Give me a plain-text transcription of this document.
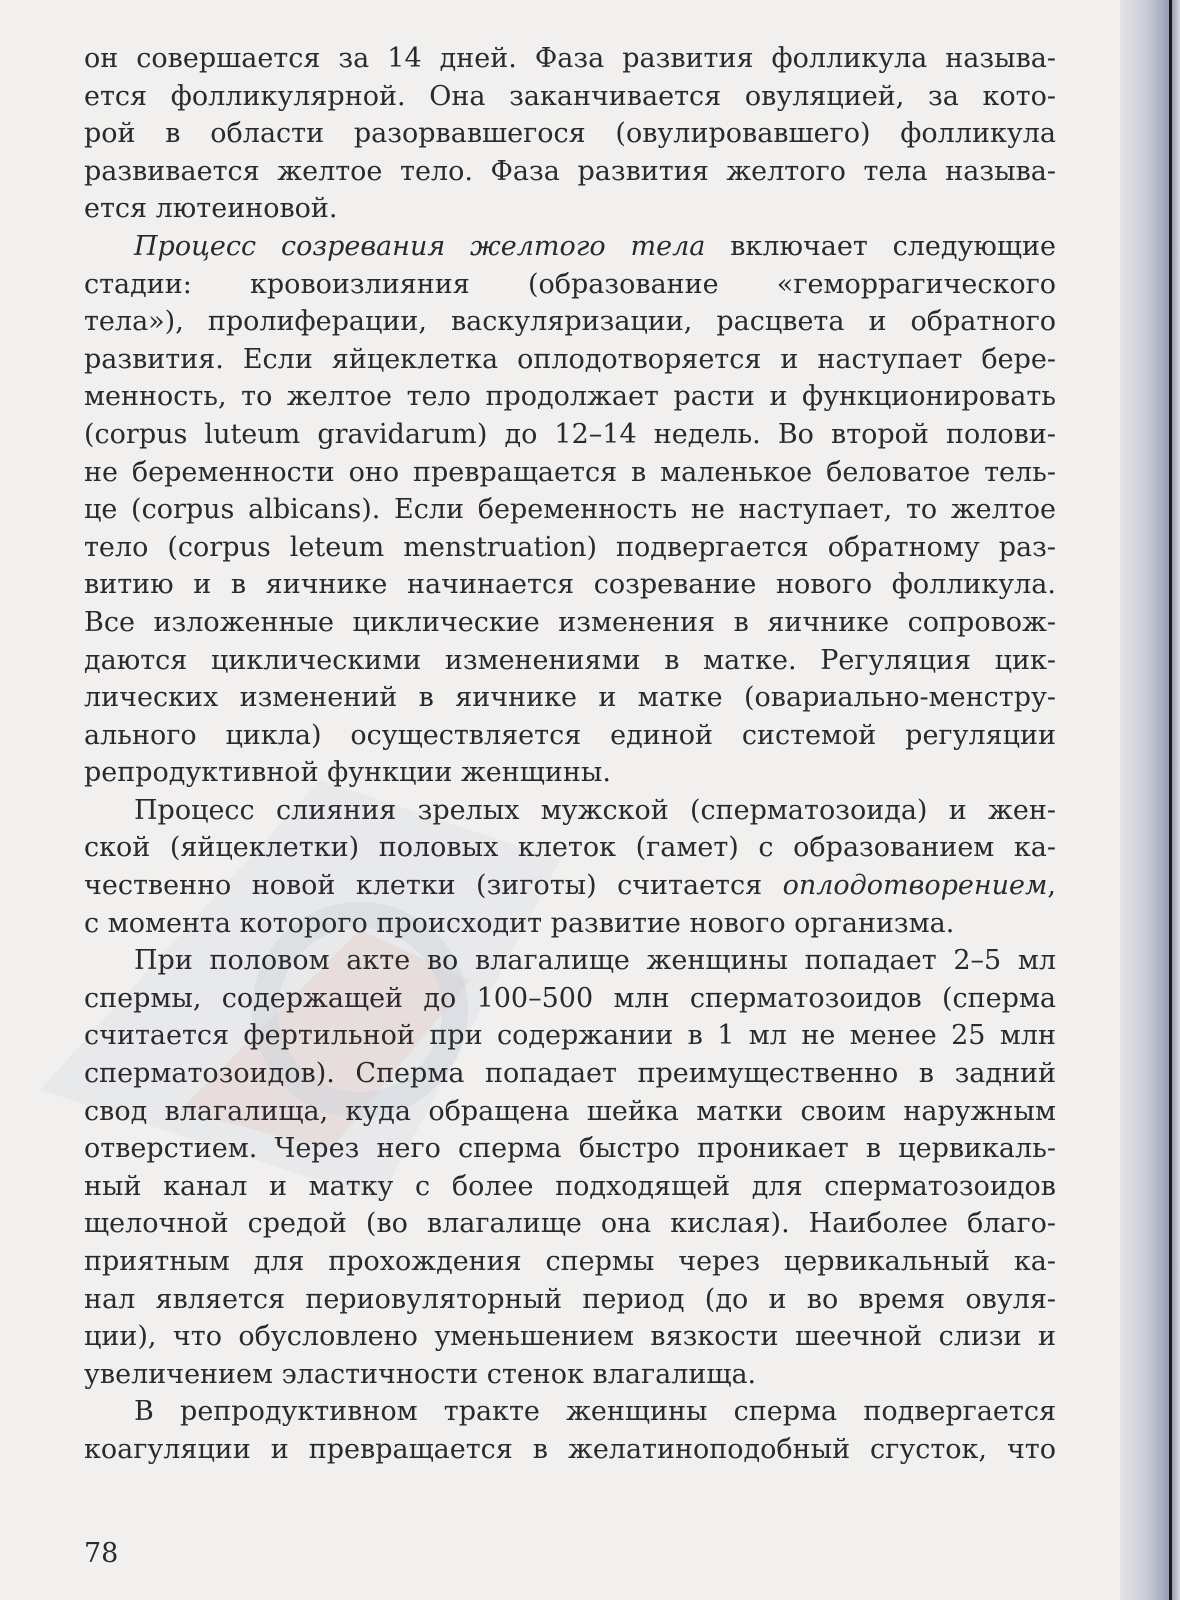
он совершается за 14 дней. Фаза развития фолликула называ-
ется фолликулярной. Она заканчивается овуляцией, за кото-
рой в области разорвавшегося (овулировавшего) фолликула
развивается желтое тело. Фаза развития желтого тела называ-
ется лютеиновой.

Процесс созревания желтого тела включает следующие
стадии: кровоизлияния (образование «геморрагического
тела»), пролиферации, васкуляризации, расцвета и обратного
развития. Если яйцеклетка оплодотворяется и наступает бере-
менность, то желтое тело продолжает расти и функционировать
(corpus luteum gravidarum) до 12–14 недель. Во второй полови-
не беременности оно превращается в маленькое беловатое тель-
це (corpus albicans). Если беременность не наступает, то желтое
тело (corpus leteum menstruation) подвергается обратному раз-
витию и в яичнике начинается созревание нового фолликула.
Все изложенные циклические изменения в яичнике сопровож-
даются циклическими изменениями в матке. Регуляция цик-
лических изменений в яичнике и матке (овариально-менстру-
ального цикла) осуществляется единой системой регуляции
репродуктивной функции женщины.

Процесс слияния зрелых мужской (сперматозоида) и жен-
ской (яйцеклетки) половых клеток (гамет) с образованием ка-
чественно новой клетки (зиготы) считается оплодотворением,
с момента которого происходит развитие нового организма.

При половом акте во влагалище женщины попадает 2–5 мл
спермы, содержащей до 100–500 млн сперматозоидов (сперма
считается фертильной при содержании в 1 мл не менее 25 млн
сперматозоидов). Сперма попадает преимущественно в задний
свод влагалища, куда обращена шейка матки своим наружным
отверстием. Через него сперма быстро проникает в цервикаль-
ный канал и матку с более подходящей для сперматозоидов
щелочной средой (во влагалище она кислая). Наиболее благо-
приятным для прохождения спермы через цервикальный ка-
нал является периовуляторный период (до и во время овуля-
ции), что обусловлено уменьшением вязкости шеечной слизи и
увеличением эластичности стенок влагалища.

В репродуктивном тракте женщины сперма подвергается
коагуляции и превращается в желатиноподобный сгусток, что

78
